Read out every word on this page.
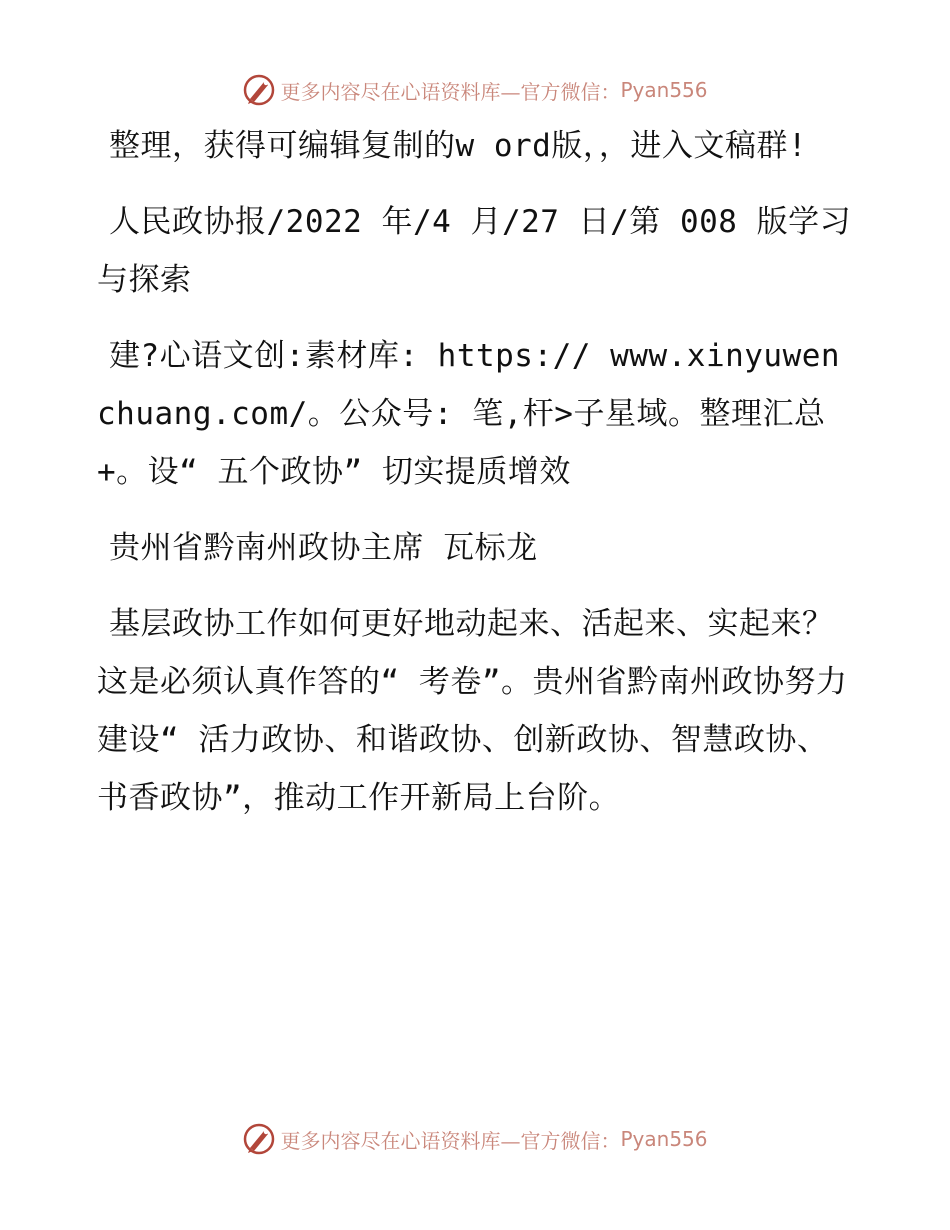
更多内容尽在心语资料库—官方微信： Pyan556

整理，获得可编辑复制的w ord版，，进入文稿群!

人民政协报/2022 年/4 月/27 日/第 008 版学习与探索

建?心语文创:素材库: https:// www.xinyuwenchuang.com/。公众号: 笔,杆>子星域。整理汇总+。设“ 五个政协” 切实提质增效

贵州省黔南州政协主席 瓦标龙

基层政协工作如何更好地动起来、活起来、实起来？这是必须认真作答的“ 考卷”。贵州省黔南州政协努力建设“ 活力政协、和谐政协、创新政协、智慧政协、书香政协”，推动工作开新局上台阶。

更多内容尽在心语资料库—官方微信： Pyan556
